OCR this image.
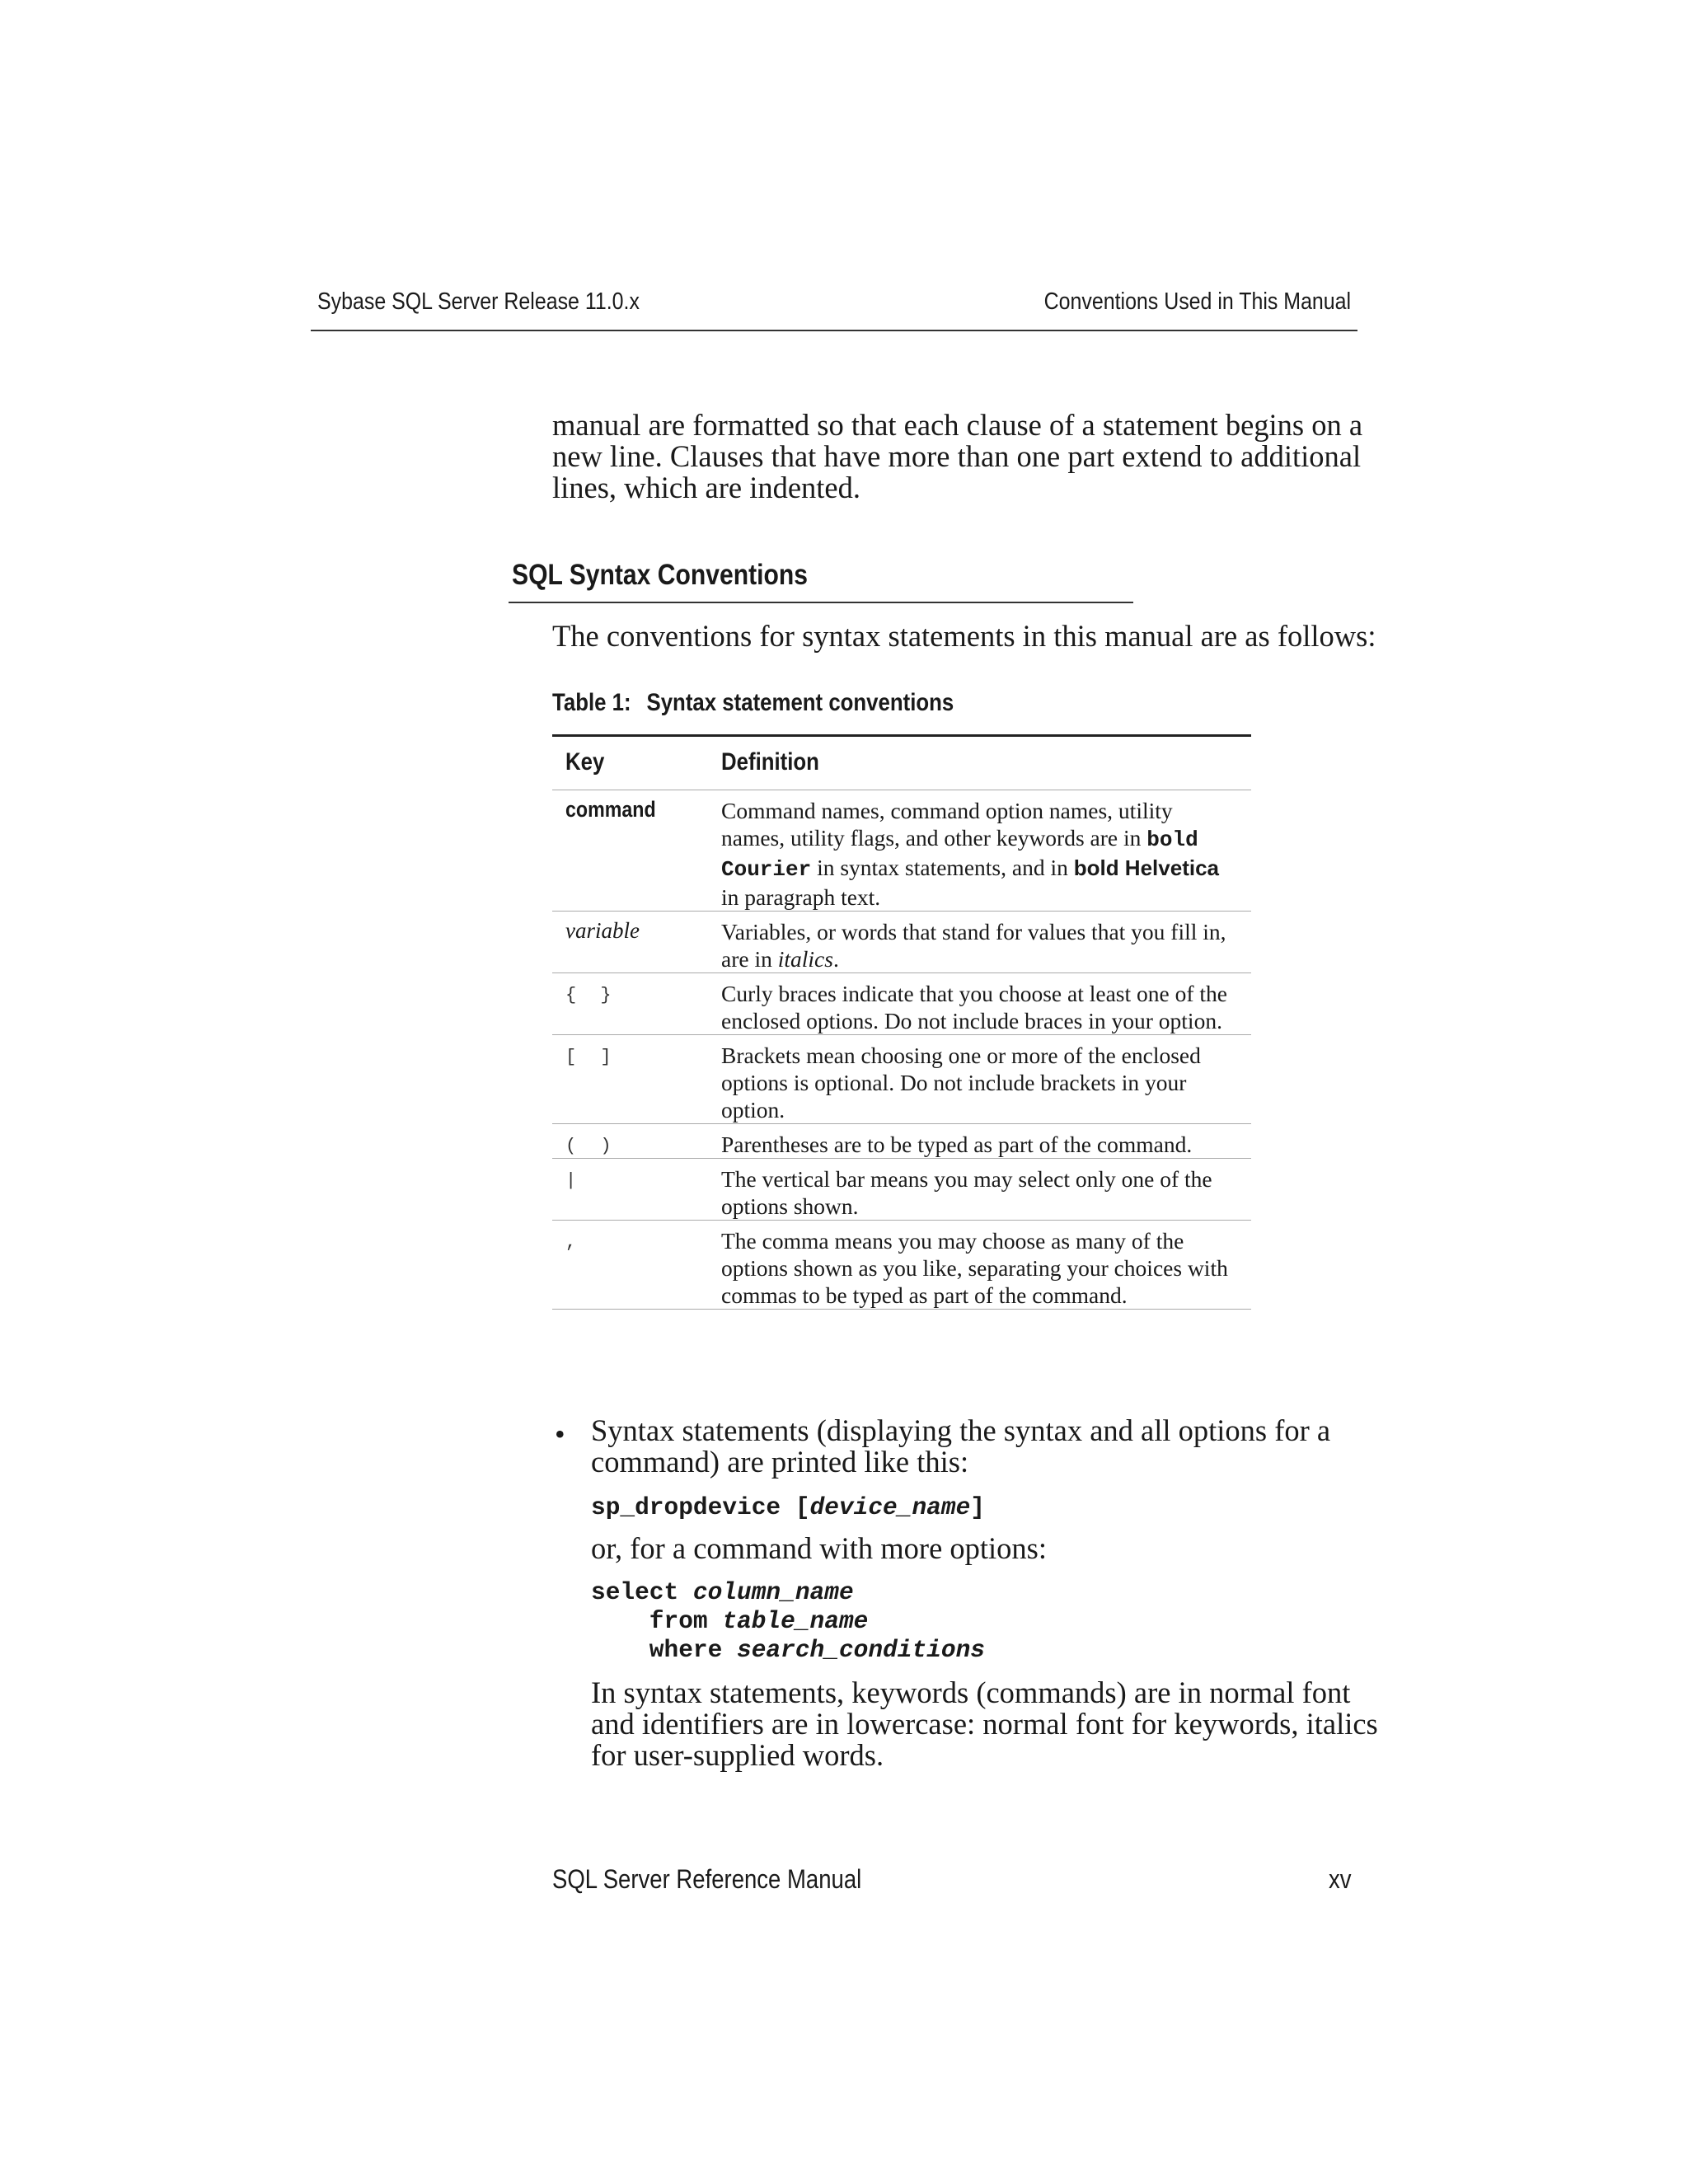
Sybase SQL Server Release 11.0.x	Conventions Used in This Manual
manual are formatted so that each clause of a statement begins on a new line. Clauses that have more than one part extend to additional lines, which are indented.
SQL Syntax Conventions
The conventions for syntax statements in this manual are as follows:
Table 1: Syntax statement conventions
Key	Definition
command	Command names, command option names, utility names, utility flags, and other keywords are in bold Courier in syntax statements, and in bold Helvetica in paragraph text.
variable	Variables, or words that stand for values that you fill in, are in italics.
{ }	Curly braces indicate that you choose at least one of the enclosed options. Do not include braces in your option.
[ ]	Brackets mean choosing one or more of the enclosed options is optional. Do not include brackets in your option.
( )	Parentheses are to be typed as part of the command.
|	The vertical bar means you may select only one of the options shown.
,	The comma means you may choose as many of the options shown as you like, separating your choices with commas to be typed as part of the command.
• Syntax statements (displaying the syntax and all options for a command) are printed like this:
sp_dropdevice [device_name]
or, for a command with more options:
select column_name
from table_name
where search_conditions
In syntax statements, keywords (commands) are in normal font and identifiers are in lowercase: normal font for keywords, italics for user-supplied words.
SQL Server Reference Manual	xv
